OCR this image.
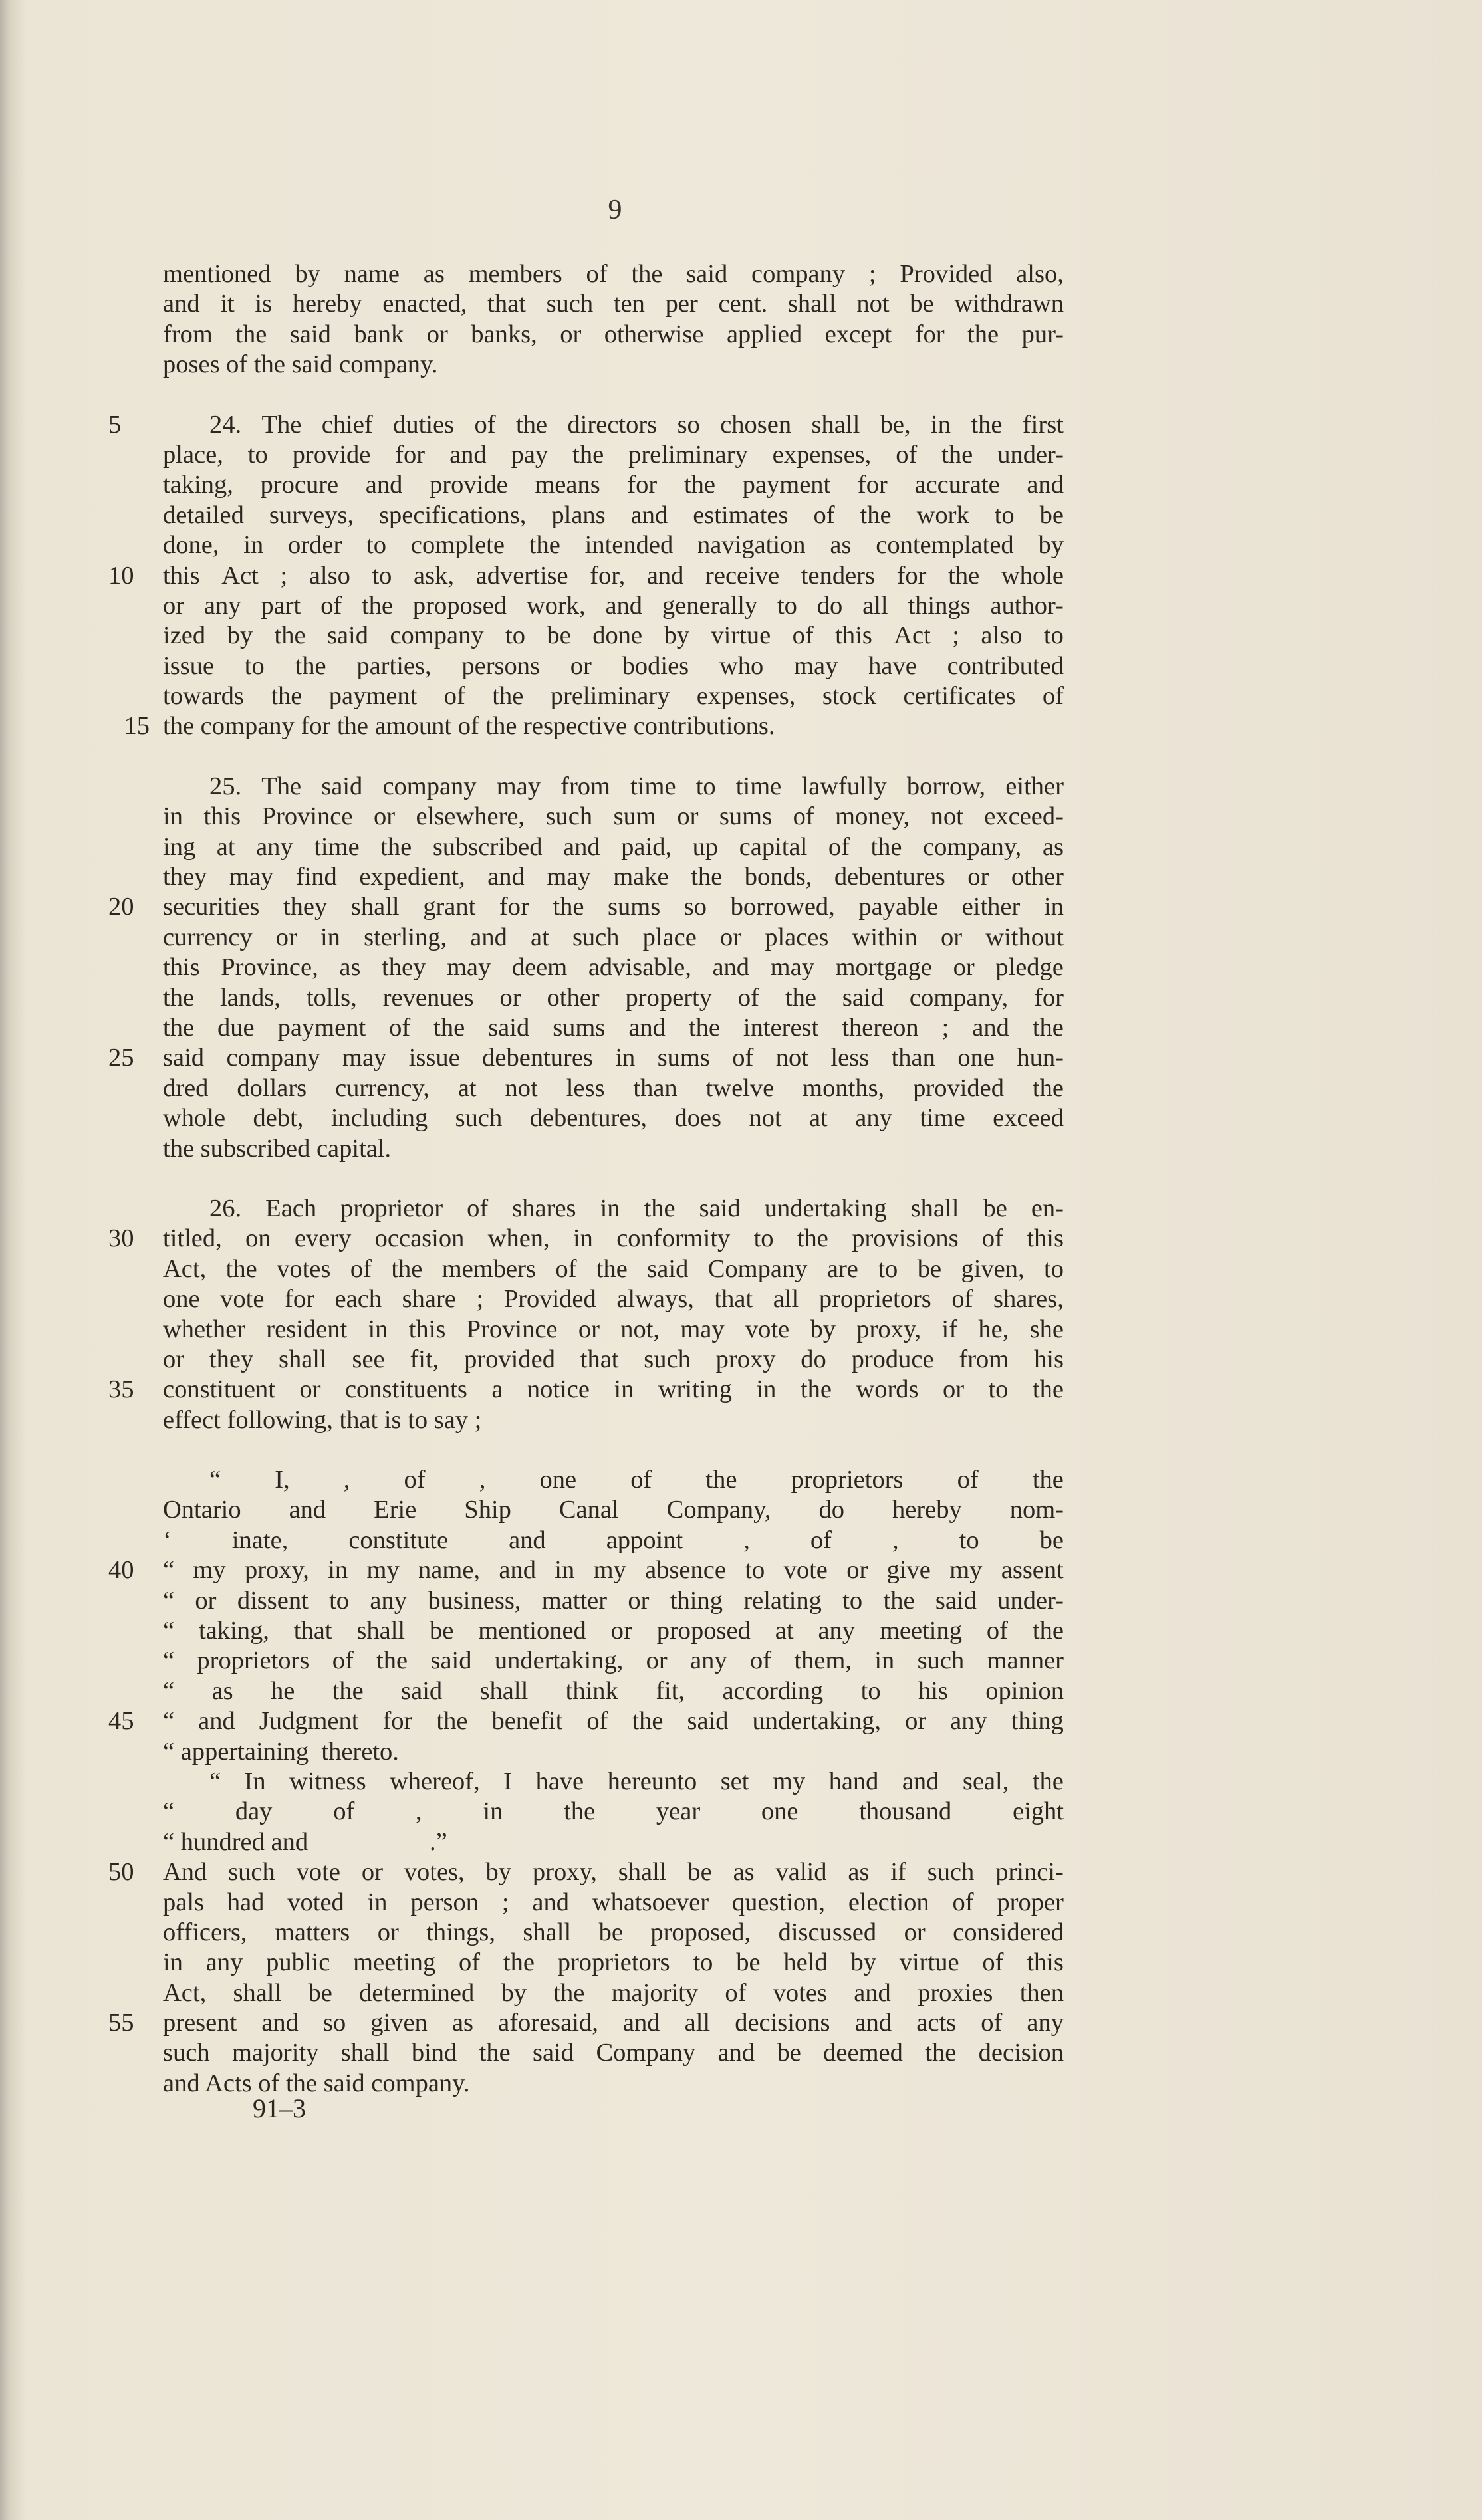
9
mentioned by name as members of the said company ; Provided also,
and it is hereby enacted, that such ten per cent. shall not be withdrawn
from the said bank or banks, or otherwise applied except for the pur-
poses of the said company.
5	24. The chief duties of the directors so chosen shall be, in the first
place, to provide for and pay the preliminary expenses, of the under-
taking, procure and provide means for the payment for accurate and
detailed surveys, specifications, plans and estimates of the work to be
done, in order to complete the intended navigation as contemplated by
10	this Act ; also to ask, advertise for, and receive tenders for the whole
or any part of the proposed work, and generally to do all things author-
ized by the said company to be done by virtue of this Act ; also to
issue to the parties, persons or bodies who may have contributed
towards the payment of the preliminary expenses, stock certificates of
15 the company for the amount of the respective contributions.
25. The said company may from time to time lawfully borrow, either
in this Province or elsewhere, such sum or sums of money, not exceed-
ing at any time the subscribed and paid, up capital of the company, as
they may find expedient, and may make the bonds, debentures or other
20	securities they shall grant for the sums so borrowed, payable either in
currency or in sterling, and at such place or places within or without
this Province, as they may deem advisable, and may mortgage or pledge
the lands, tolls, revenues or other property of the said company, for
the due payment of the said sums and the interest thereon ; and the
25	said company may issue debentures in sums of not less than one hun-
dred dollars currency, at not less than twelve months, provided the
whole debt, including such debentures, does not at any time exceed
the subscribed capital.
26. Each proprietor of shares in the said undertaking shall be en-
30	titled, on every occasion when, in conformity to the provisions of this
Act, the votes of the members of the said Company are to be given, to
one vote for each share ; Provided always, that all proprietors of shares,
whether resident in this Province or not, may vote by proxy, if he, she
or they shall see fit, provided that such proxy do produce from his
35	constituent or constituents a notice in writing in the words or to the
effect following, that is to say ;
“ I, , of , one of the proprietors of the
Ontario and Erie Ship Canal Company, do hereby nom-
‘ inate, constitute and appoint , of , to be
40	“ my proxy, in my name, and in my absence to vote or give my assent
“ or dissent to any business, matter or thing relating to the said under-
“ taking, that shall be mentioned or proposed at any meeting of the
“ proprietors of the said undertaking, or any of them, in such manner
“ as he the said shall think fit, according to his opinion
45	“ and Judgment for the benefit of the said undertaking, or any thing
“ appertaining  thereto.
“ In witness whereof, I have hereunto set my hand and seal, the
“ day of , in the year one thousand eight
“ hundred and                   .”
50	And such vote or votes, by proxy, shall be as valid as if such princi-
pals had voted in person ; and whatsoever question, election of proper
officers, matters or things, shall be proposed, discussed or considered
in any public meeting of the proprietors to be held by virtue of this
Act, shall be determined by the majority of votes and proxies then
55	present and so given as aforesaid, and all decisions and acts of any
such majority shall bind the said Company and be deemed the decision
and Acts of the said company.
91–3
